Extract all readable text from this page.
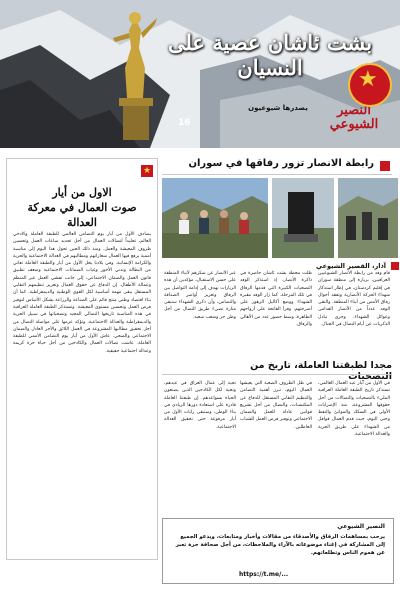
بشت ئاشان عصية على النسيان
16
يصدرها شيوعيون	النصير الشيوعي
★
★
الاول من أيار
صوت العمال في معركة العدالة
يصادف الأول من أيار يوم التضامن العالمي للطبقة العاملة وكادحي العالم، تخليداً لنضالات العمال من أجل تحديد ساعات العمل وتحسين ظروف المعيشة والعمل. ومنذ ذلك الحين تحول هذا اليوم إلى مناسبة أممية يرفع فيها العمال شعاراتهم ومطالبهم في العدالة الاجتماعية والحرية والكرامة الإنسانية. وفي بلادنا يحل الأول من أيار والطبقة العاملة تعاني من البطالة وتدني الأجور وغياب الضمانات الاجتماعية وضعف تطبيق قانون العمل والضمان الاجتماعي، إلى جانب تفشي العمل غير المنظم وعمالة الأطفال. إن الدفاع عن حقوق العمال وتعزيز تنظيمهم النقابي المستقل يبقى مهمة أساسية لكل القوى الوطنية والديمقراطية. كما أن بناء اقتصاد وطني منتج قائم على الصناعة والزراعة يشكل الأساس لتوفير فرص العمل وتحسين مستوى المعيشة. وتستذكر الطبقة العاملة العراقية في هذه المناسبة تاريخها النضالي المجيد وتضحياتها في سبيل الحرية والديمقراطية والعدالة الاجتماعية، وتؤكد عزمها على مواصلة النضال من أجل تحقيق مطالبها المشروعة في العمل اللائق والأجر العادل والضمان الاجتماعي والصحي. عاش الأول من أيار يوم التضامن الأممي للطبقة العاملة. عاشت نضالات العمال والكادحين من أجل حياة حرة كريمة وعدالة اجتماعية حقيقية.
رابطة الانصار تزور رفاقها في سوران
آذار، القصير الشيوعي
قام وفد من رابطة الأنصار الشيوعيين العراقيين، بزيارة إلى منطقة سوران في إقليم كردستان، في إطار استذكار شهداء الحركة الأنصارية وتفقد أحوال رفاق الأمس من أبناء المنطقة. والتقى الوفد عدداً من الأنصار القدامى وعوائل الشهداء، وجرى تبادل الذكريات عن أيام النضال في الجبال.
ظلت محطة بشت ئاشان حاضرة في ذاكرة الأنصار، إذ استذكر الوفد التضحيات الكبيرة التي قدمها الرفاق في تلك المرحلة. كما زار الوفد مقبرة الشهداء ووضع أكاليل الزهور على أضرحتهم، وقرأ الفاتحة على أرواحهم الطاهرة، وسط حضور عدد من الأهالي والرفاق.
عبر الأنصار عن شكرهم لأبناء المنطقة على حسن الاستقبال، مؤكدين أن هذه الزيارات تهدف إلى إدامة التواصل بين الرفاق وتعزيز أواصر الصداقة والتضامن، وأن ذكرى الشهداء ستبقى منارة تضيء طريق النضال من أجل وطن حر وشعب سعيد.
مجدا لطبقتنا العاملة، تاريخ من التضحيات
في الأول من أيار عيد العمال العالمي، نستذكر تاريخ الطبقة العاملة العراقية المليء بالتضحيات والنضالات من أجل حقوقها المشروعة، منذ الإضرابات الأولى في السكك والموانئ والنفط وحتى اليوم، حيث قدم العمال قوافل من الشهداء على طريق الحرية والعدالة الاجتماعية.
في ظل الظروف الصعبة التي يعيشها العمال اليوم، تبرز أهمية التضامن والتنظيم النقابي المستقل للدفاع عن المكتسبات، والنضال من أجل تشريع قوانين عادلة للعمل والضمان الاجتماعي وتوفير فرص العمل للشباب العاطلين.
تحية إلى عمال العراق في عيدهم، وتحية لكل الكادحين الذين يصنعون الحياة بسواعدهم. إن طبقتنا العاملة قادرة على استعادة دورها الريادي في بناء الوطن، وستبقى رايات الأول من أيار مرفوعة حتى تحقيق العدالة الاجتماعية.
النصير الشيوعي
يرحب بمساهمات الرفاق والأصدقاء من مقالات وأخبار ومتابعات، ويدعو الجميع إلى المشاركة في إغناء موضوعاته بالآراء والملاحظات، من أجل صحافة حرة تعبر عن هموم الناس وتطلعاتهم.
https://t.me/...
